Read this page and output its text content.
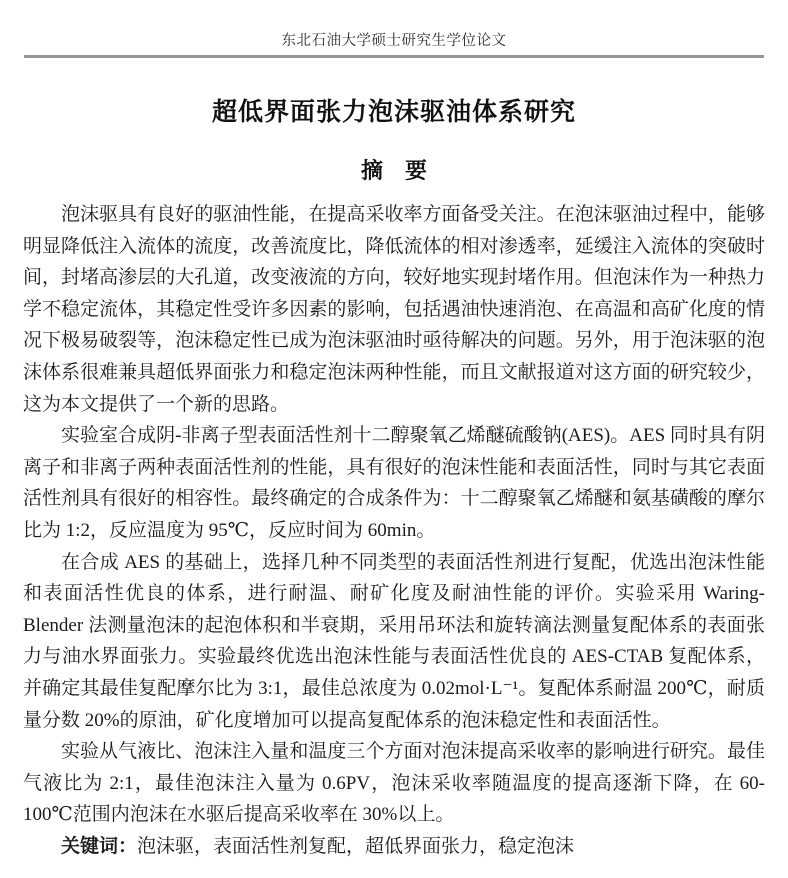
东北石油大学硕士研究生学位论文
超低界面张力泡沫驱油体系研究
摘　要

泡沫驱具有良好的驱油性能，在提高采收率方面备受关注。在泡沫驱油过程中，能够明显降低注入流体的流度，改善流度比，降低流体的相对渗透率，延缓注入流体的突破时间，封堵高渗层的大孔道，改变液流的方向，较好地实现封堵作用。但泡沫作为一种热力学不稳定流体，其稳定性受许多因素的影响，包括遇油快速消泡、在高温和高矿化度的情况下极易破裂等，泡沫稳定性已成为泡沫驱油时亟待解决的问题。另外，用于泡沫驱的泡沫体系很难兼具超低界面张力和稳定泡沫两种性能，而且文献报道对这方面的研究较少，这为本文提供了一个新的思路。

实验室合成阴-非离子型表面活性剂十二醇聚氧乙烯醚硫酸钠(AES)。AES 同时具有阴离子和非离子两种表面活性剂的性能，具有很好的泡沫性能和表面活性，同时与其它表面活性剂具有很好的相容性。最终确定的合成条件为：十二醇聚氧乙烯醚和氨基磺酸的摩尔比为 1:2，反应温度为 95℃，反应时间为 60min。

在合成 AES 的基础上，选择几种不同类型的表面活性剂进行复配，优选出泡沫性能和表面活性优良的体系，进行耐温、耐矿化度及耐油性能的评价。实验采用 Waring-Blender 法测量泡沫的起泡体积和半衰期，采用吊环法和旋转滴法测量复配体系的表面张力与油水界面张力。实验最终优选出泡沫性能与表面活性优良的 AES-CTAB 复配体系，并确定其最佳复配摩尔比为 3:1，最佳总浓度为 0.02mol·L⁻¹。复配体系耐温 200℃，耐质量分数 20%的原油，矿化度增加可以提高复配体系的泡沫稳定性和表面活性。

实验从气液比、泡沫注入量和温度三个方面对泡沫提高采收率的影响进行研究。最佳气液比为 2:1，最佳泡沫注入量为 0.6PV，泡沫采收率随温度的提高逐渐下降，在 60-100℃范围内泡沫在水驱后提高采收率在 30%以上。

关键词：泡沫驱，表面活性剂复配，超低界面张力，稳定泡沫
